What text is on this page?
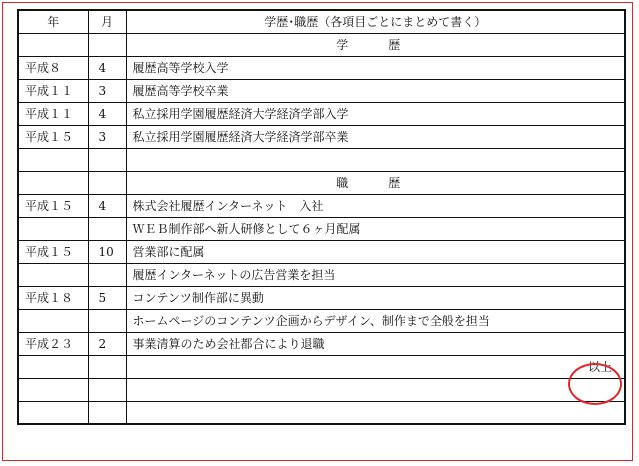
年	月	学歴･職歴（各項目ごとにまとめて書く）
		学　歴
平成８	4	履歴高等学校入学
平成１１	3	履歴高等学校卒業
平成１１	4	私立採用学園履歴経済大学経済学部入学
平成１５	3	私立採用学園履歴経済大学経済学部卒業

		職　歴
平成１５	4	株式会社履歴インターネット　入社
		ＷＥＢ制作部へ新人研修として６ヶ月配属
平成１５	10	営業部に配属
		履歴インターネットの広告営業を担当
平成１８	5	コンテンツ制作部に異動
		ホームページのコンテンツ企画からデザイン、制作まで全般を担当
平成２３	2	事業清算のため会社都合により退職
		以上
